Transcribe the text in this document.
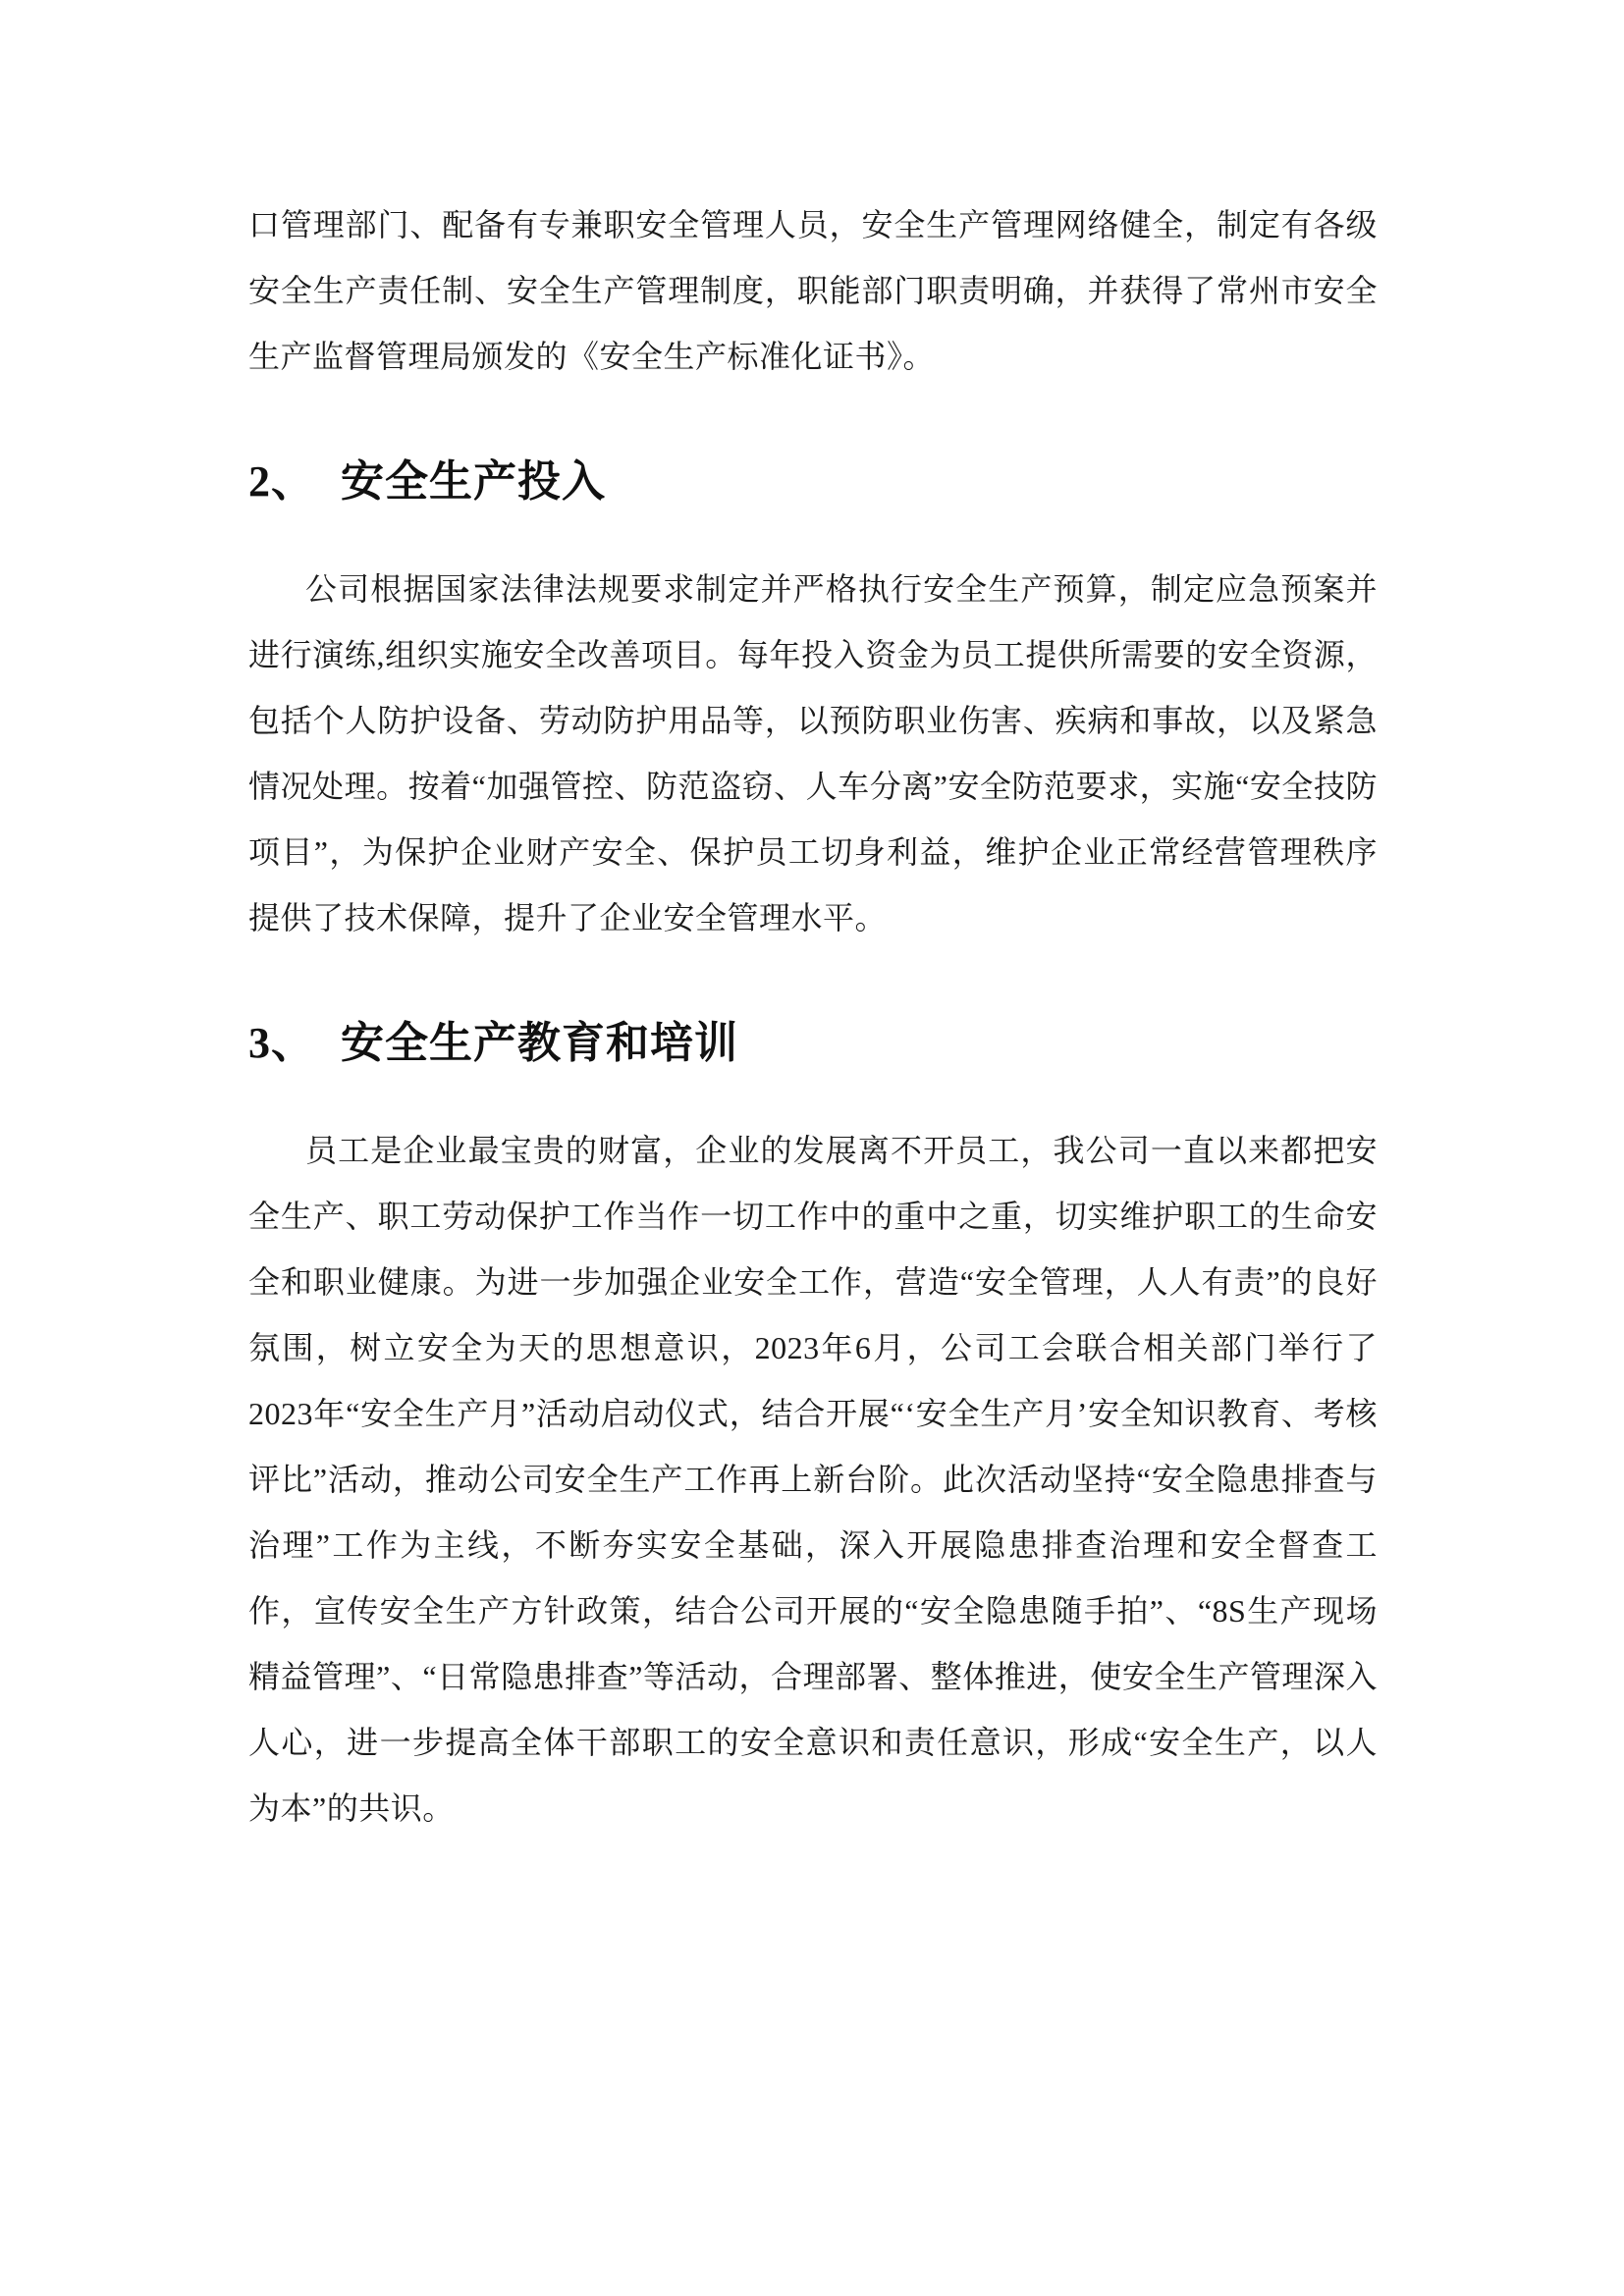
口管理部门、配备有专兼职安全管理人员，安全生产管理网络健全，制定有各级安全生产责任制、安全生产管理制度，职能部门职责明确，并获得了常州市安全生产监督管理局颁发的《安全生产标准化证书》。

2、 安全生产投入

公司根据国家法律法规要求制定并严格执行安全生产预算，制定应急预案并进行演练,组织实施安全改善项目。每年投入资金为员工提供所需要的安全资源，包括个人防护设备、劳动防护用品等，以预防职业伤害、疾病和事故，以及紧急情况处理。按着“加强管控、防范盗窃、人车分离”安全防范要求，实施“安全技防项目”，为保护企业财产安全、保护员工切身利益，维护企业正常经营管理秩序提供了技术保障，提升了企业安全管理水平。

3、 安全生产教育和培训

员工是企业最宝贵的财富，企业的发展离不开员工，我公司一直以来都把安全生产、职工劳动保护工作当作一切工作中的重中之重，切实维护职工的生命安全和职业健康。为进一步加强企业安全工作，营造“安全管理，人人有责”的良好氛围，树立安全为天的思想意识，2023年6月，公司工会联合相关部门举行了2023年“安全生产月”活动启动仪式，结合开展“‘安全生产月’安全知识教育、考核评比”活动，推动公司安全生产工作再上新台阶。此次活动坚持“安全隐患排查与治理”工作为主线，不断夯实安全基础，深入开展隐患排查治理和安全督查工作，宣传安全生产方针政策，结合公司开展的“安全隐患随手拍”、“8S生产现场精益管理”、“日常隐患排查”等活动，合理部署、整体推进，使安全生产管理深入人心，进一步提高全体干部职工的安全意识和责任意识，形成“安全生产，以人为本”的共识。
